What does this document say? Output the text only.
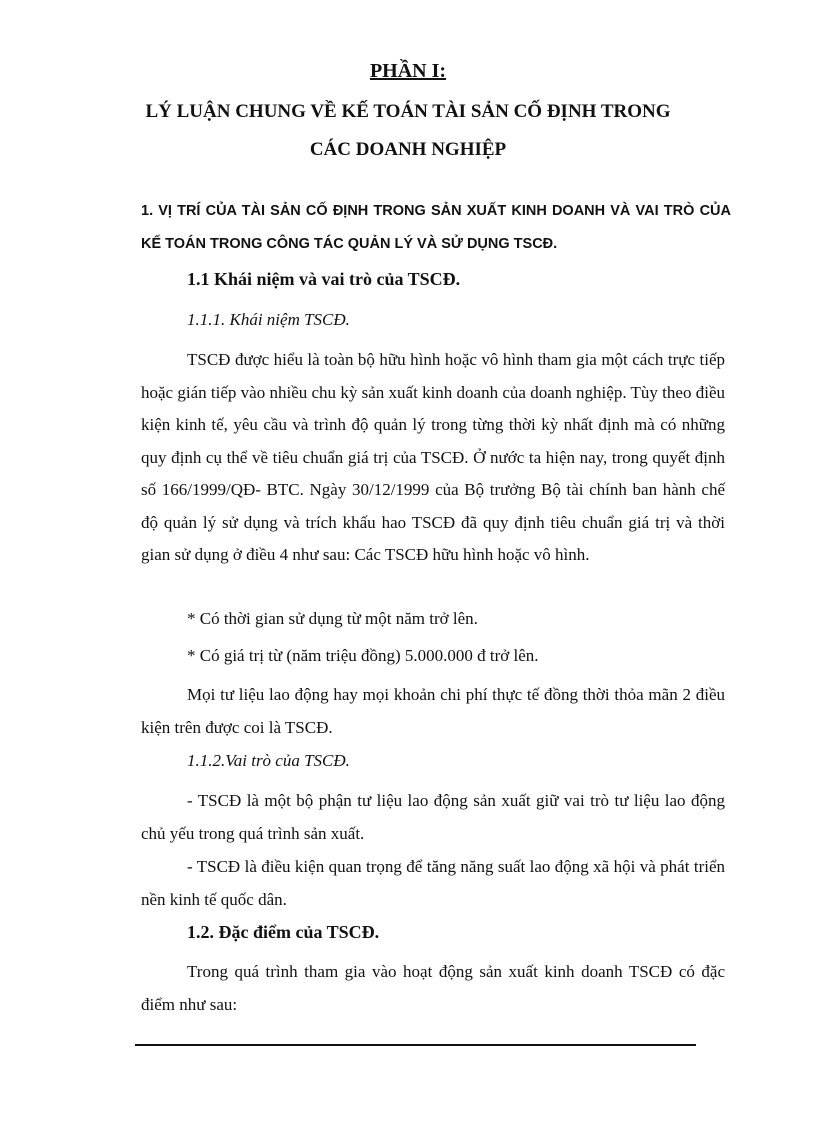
PHẦN I:
LÝ LUẬN CHUNG VỀ KẾ TOÁN TÀI SẢN CỐ ĐỊNH TRONG
CÁC DOANH NGHIỆP
1. VỊ TRÍ CỦA TÀI SẢN CỐ ĐỊNH TRONG SẢN XUẤT KINH DOANH VÀ VAI TRÒ CỦA KẾ TOÁN TRONG CÔNG TÁC QUẢN LÝ VÀ SỬ DỤNG TSCĐ.
1.1 Khái niệm và vai trò của TSCĐ.
1.1.1. Khái niệm TSCĐ.
TSCĐ được hiểu là toàn bộ hữu hình hoặc vô hình tham gia một cách trực tiếp hoặc gián tiếp vào nhiều chu kỳ sản xuất kinh doanh của doanh nghiệp. Tùy theo điều kiện kinh tế, yêu cầu và trình độ quản lý trong từng thời kỳ nhất định mà có những quy định cụ thể về tiêu chuẩn giá trị của TSCĐ. Ở nước ta hiện nay, trong quyết định số 166/1999/QĐ- BTC. Ngày 30/12/1999 của Bộ trưởng Bộ tài chính ban hành chế độ quản lý sử dụng và trích khấu hao TSCĐ đã quy định tiêu chuẩn giá trị và thời gian sử dụng ở điều 4 như sau: Các TSCĐ hữu hình hoặc vô hình.
* Có thời gian sử dụng từ một năm trở lên.
* Có giá trị từ (năm triệu đồng) 5.000.000 đ trở lên.
Mọi tư liệu lao động hay mọi khoản chi phí thực tế đồng thời thỏa mãn 2 điều kiện trên được coi là TSCĐ.
1.1.2.Vai trò của TSCĐ.
- TSCĐ là một bộ phận tư liệu lao động sản xuất giữ vai trò tư liệu lao động chủ yếu trong quá trình sản xuất.
- TSCĐ là điều kiện quan trọng để tăng năng suất lao động xã hội và phát triển nền kinh tế quốc dân.
1.2. Đặc điểm của TSCĐ.
Trong quá trình tham gia vào hoạt động sản xuất kinh doanh TSCĐ có đặc điểm như sau:
